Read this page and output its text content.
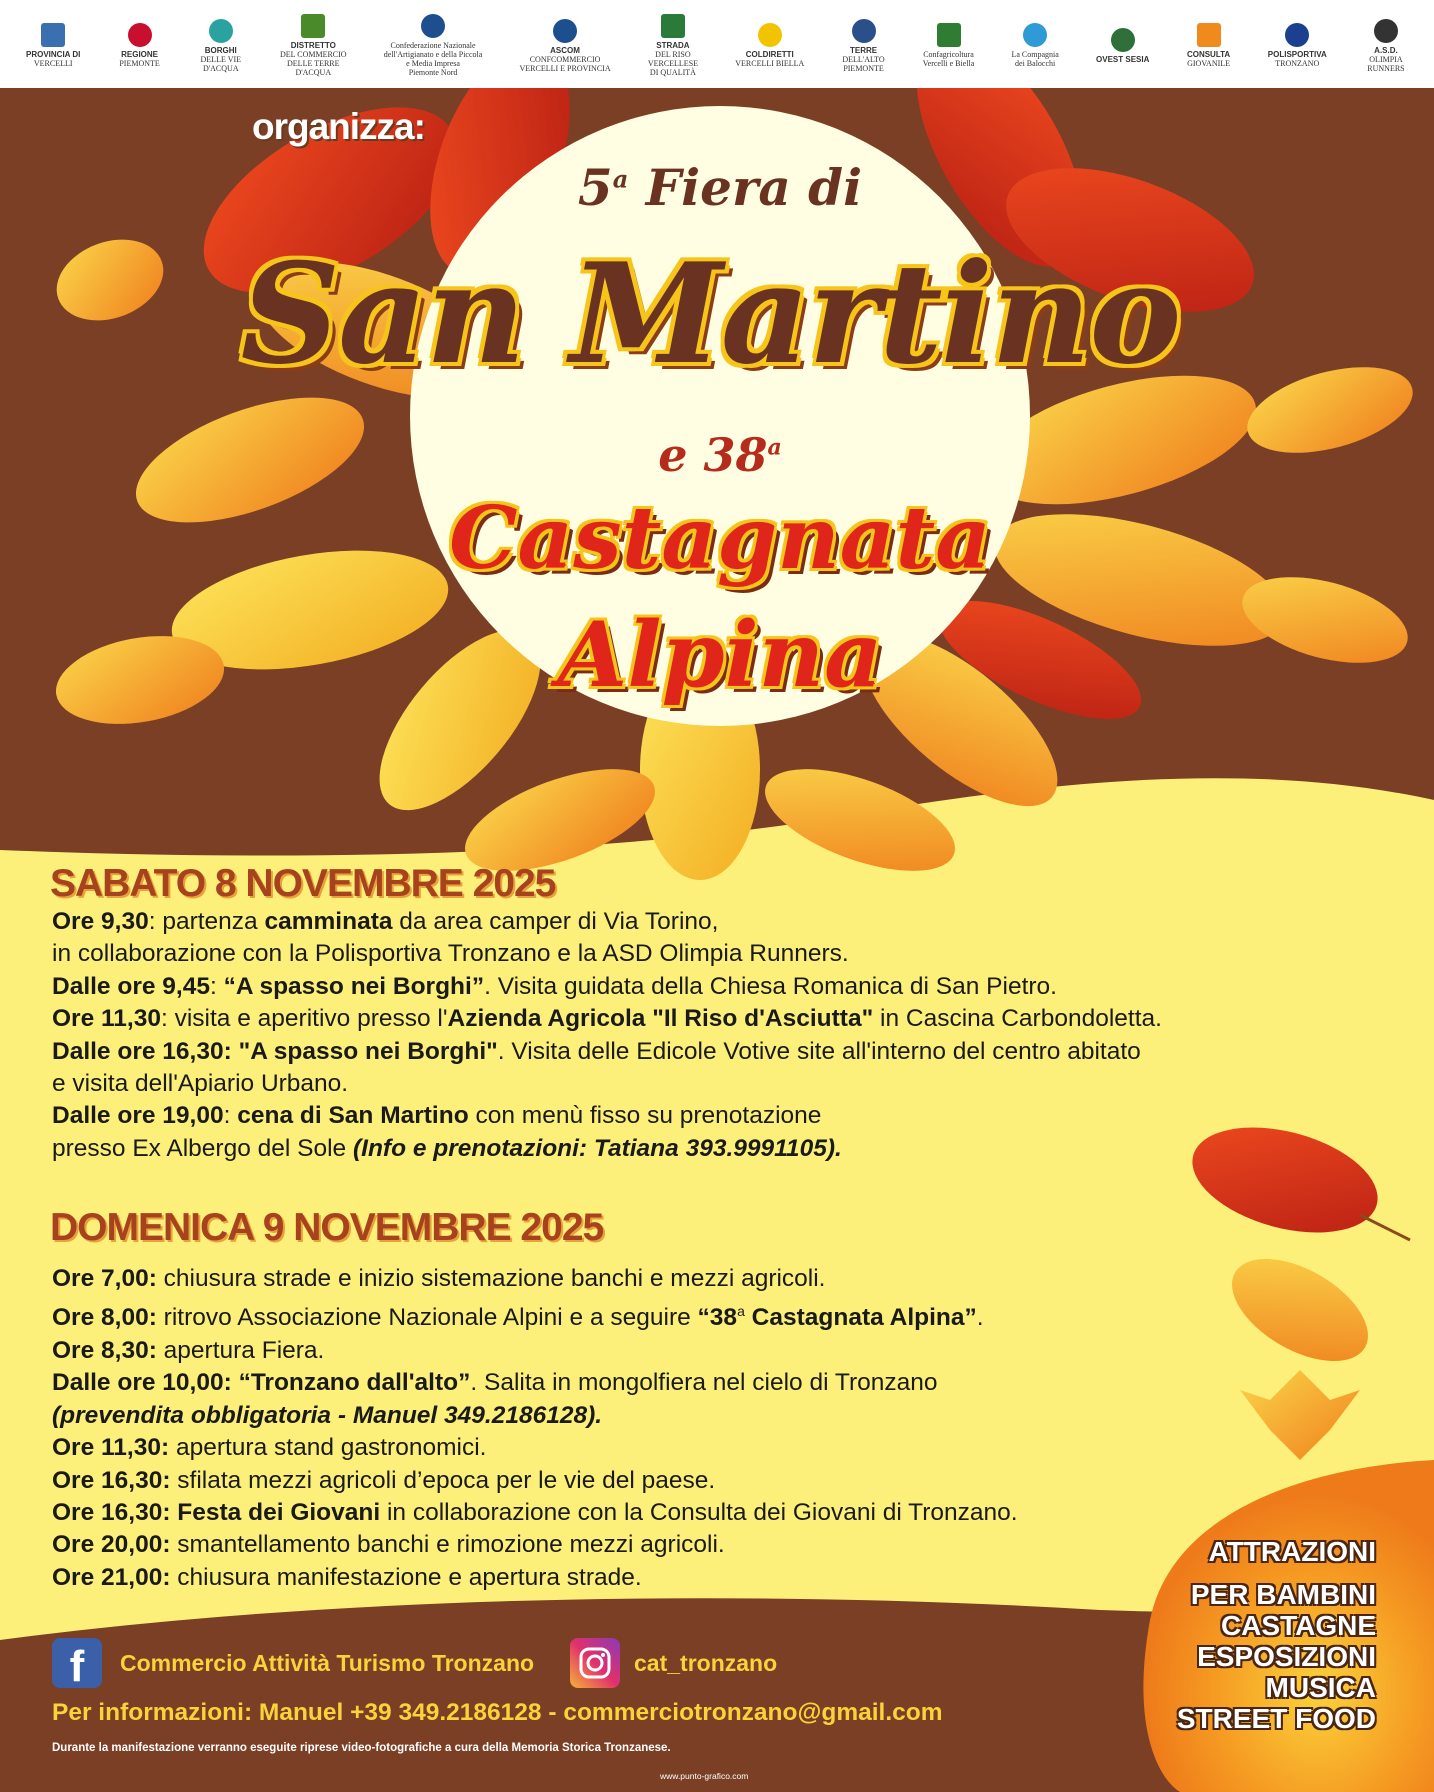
PROVINCIA DI
VERCELLI
REGIONE
PIEMONTE
BORGHI
DELLE VIE
D'ACQUA
DISTRETTO
DEL COMMERCIO
DELLE TERRE
D'ACQUA
Confederazione Nazionale
dell'Artigianato e della Piccola
e Media Impresa
Piemonte Nord
ASCOM
CONFCOMMERCIO
VERCELLI E PROVINCIA
STRADA
DEL RISO
VERCELLESE
DI QUALITÀ
COLDIRETTI
VERCELLI BIELLA
TERRE
DELL'ALTO
PIEMONTE
Confagricoltura
Vercelli e Biella
La Compagnia
dei Balocchi	OVEST SESIA	CONSULTA
GIOVANILE
POLISPORTIVA
TRONZANO
A.S.D.
OLIMPIA
RUNNERS
organizza:
5$^a$ Fiera di
San Martino
e 38$^a$
Castagnata
Alpina
SABATO 8 NOVEMBRE 2025
Ore 9,30: partenza camminata da area camper di Via Torino,
in collaborazione con la Polisportiva Tronzano e la ASD Olimpia Runners.
Dalle ore 9,45: “A spasso nei Borghi”. Visita guidata della Chiesa Romanica di San Pietro.
Ore 11,30: visita e aperitivo presso l'Azienda Agricola "Il Riso d'Asciutta" in Cascina Carbondoletta.
Dalle ore 16,30: "A spasso nei Borghi". Visita delle Edicole Votive site all'interno del centro abitato
e visita dell'Apiario Urbano.
Dalle ore 19,00: cena di San Martino con menù fisso su prenotazione
presso Ex Albergo del Sole (Info e prenotazioni: Tatiana 393.9991105).
DOMENICA 9 NOVEMBRE 2025
Ore 7,00: chiusura strade e inizio sistemazione banchi e mezzi agricoli.
Ore 8,00: ritrovo Associazione Nazionale Alpini e a seguire “38$^a$ Castagnata Alpina”.
Ore 8,30: apertura Fiera.
Dalle ore 10,00: “Tronzano dall'alto”. Salita in mongolfiera nel cielo di Tronzano
(prevendita obbligatoria - Manuel 349.2186128).
Ore 11,30: apertura stand gastronomici.
Ore 16,30: sfilata mezzi agricoli d’epoca per le vie del paese.
Ore 16,30: Festa dei Giovani in collaborazione con la Consulta dei Giovani di Tronzano.
Ore 20,00: smantellamento banchi e rimozione mezzi agricoli.
Ore 21,00: chiusura manifestazione e apertura strade.
ATTRAZIONI
PER BAMBINI
CASTAGNE
ESPOSIZIONI
MUSICA
STREET FOOD
f	Commercio Attività Turismo Tronzano	cat_tronzano
Per informazioni: Manuel +39 349.2186128 - commerciotronzano@gmail.com
Durante la manifestazione verranno eseguite riprese video-fotografiche a cura della Memoria Storica Tronzanese.
www.punto-grafico.com
